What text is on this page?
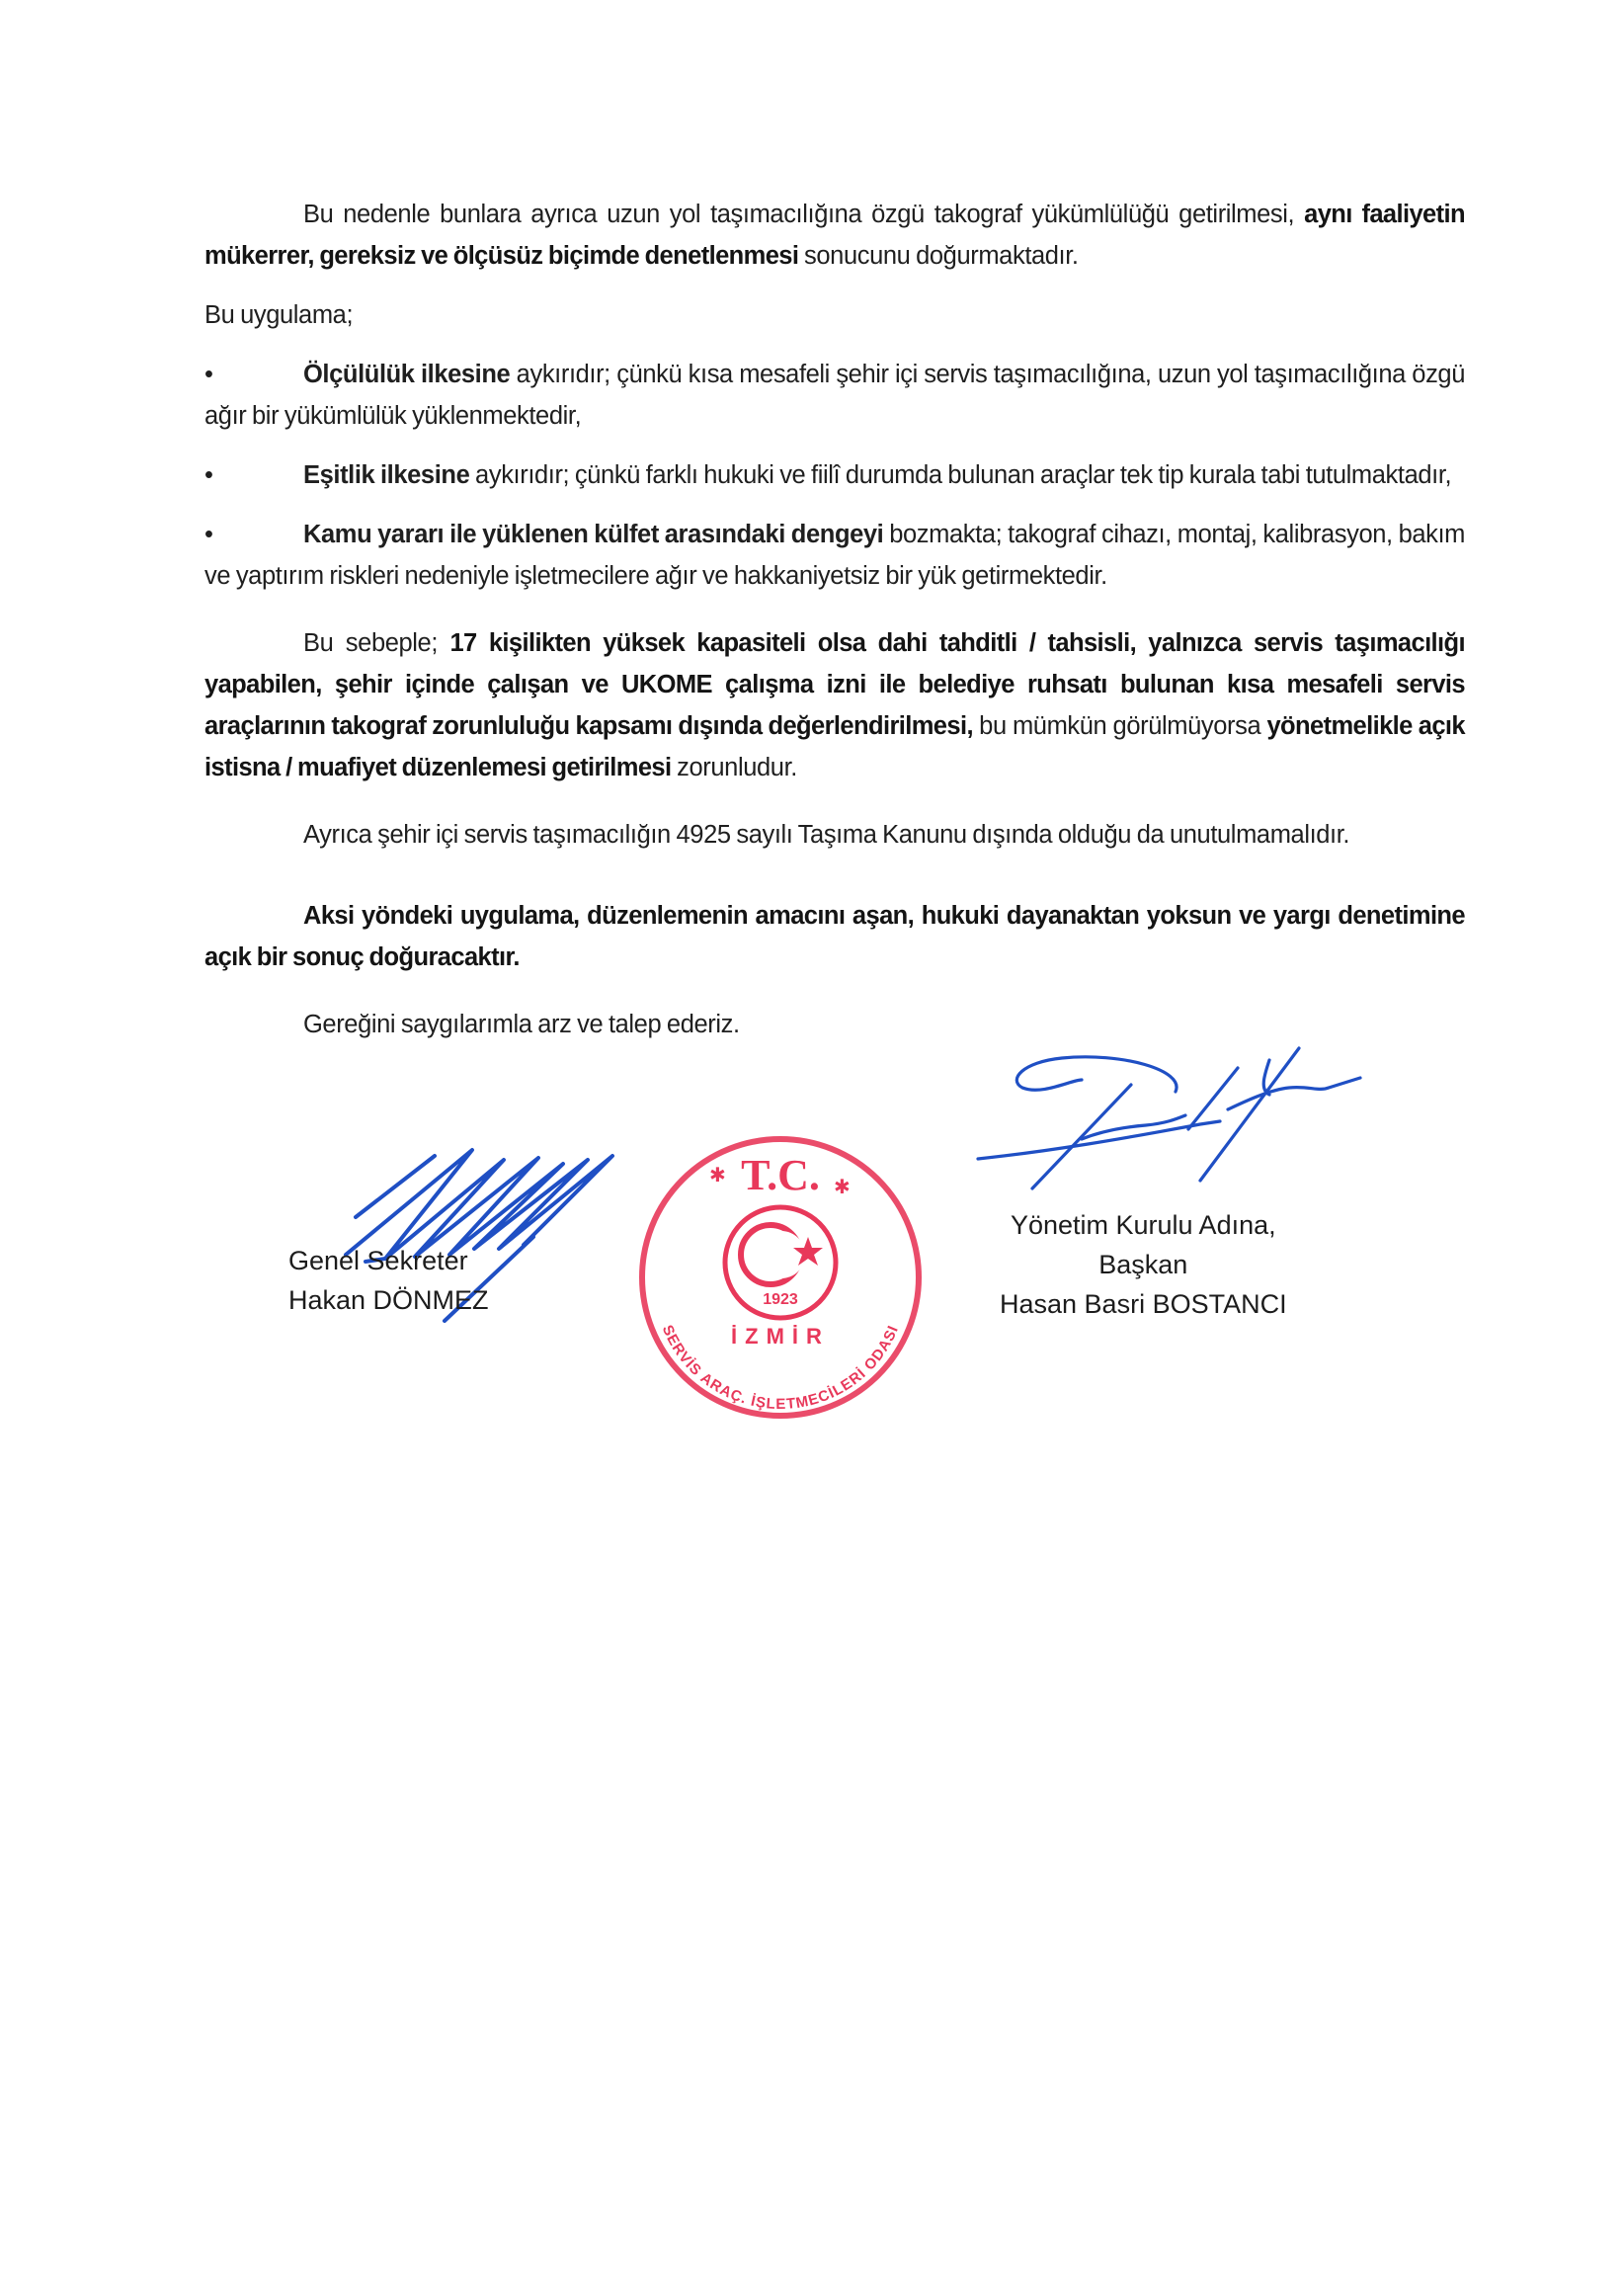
Bu nedenle bunlara ayrıca uzun yol taşımacılığına özgü takograf yükümlülüğü getirilmesi, aynı faaliyetin mükerrer, gereksiz ve ölçüsüz biçimde denetlenmesi sonucunu doğurmaktadır.

Bu uygulama;

•	Ölçülülük ilkesine aykırıdır; çünkü kısa mesafeli şehir içi servis taşımacılığına, uzun yol taşımacılığına özgü ağır bir yükümlülük yüklenmektedir,

•	Eşitlik ilkesine aykırıdır; çünkü farklı hukuki ve fiilî durumda bulunan araçlar tek tip kurala tabi tutulmaktadır,

•	Kamu yararı ile yüklenen külfet arasındaki dengeyi bozmakta; takograf cihazı, montaj, kalibrasyon, bakım ve yaptırım riskleri nedeniyle işletmecilere ağır ve hakkaniyetsiz bir yük getirmektedir.

Bu sebeple; 17 kişilikten yüksek kapasiteli olsa dahi tahditli / tahsisli, yalnızca servis taşımacılığı yapabilen, şehir içinde çalışan ve UKOME çalışma izni ile belediye ruhsatı bulunan kısa mesafeli servis araçlarının takograf zorunluluğu kapsamı dışında değerlendirilmesi, bu mümkün görülmüyorsa yönetmelikle açık istisna / muafiyet düzenlemesi getirilmesi zorunludur.

Ayrıca şehir içi servis taşımacılığın 4925 sayılı Taşıma Kanunu dışında olduğu da unutulmamalıdır.

Aksi yöndeki uygulama, düzenlemenin amacını aşan, hukuki dayanaktan yoksun ve yargı denetimine açık bir sonuç doğuracaktır.

Gereğini saygılarımla arz ve talep ederiz.

Genel Sekreter
Hakan DÖNMEZ
T.C.
✱
✱
1923
İZMİR
SERVİS ARAÇ. İŞLETMECİLERİ ODASI
Yönetim Kurulu Adına,
Başkan
Hasan Basri BOSTANCI
